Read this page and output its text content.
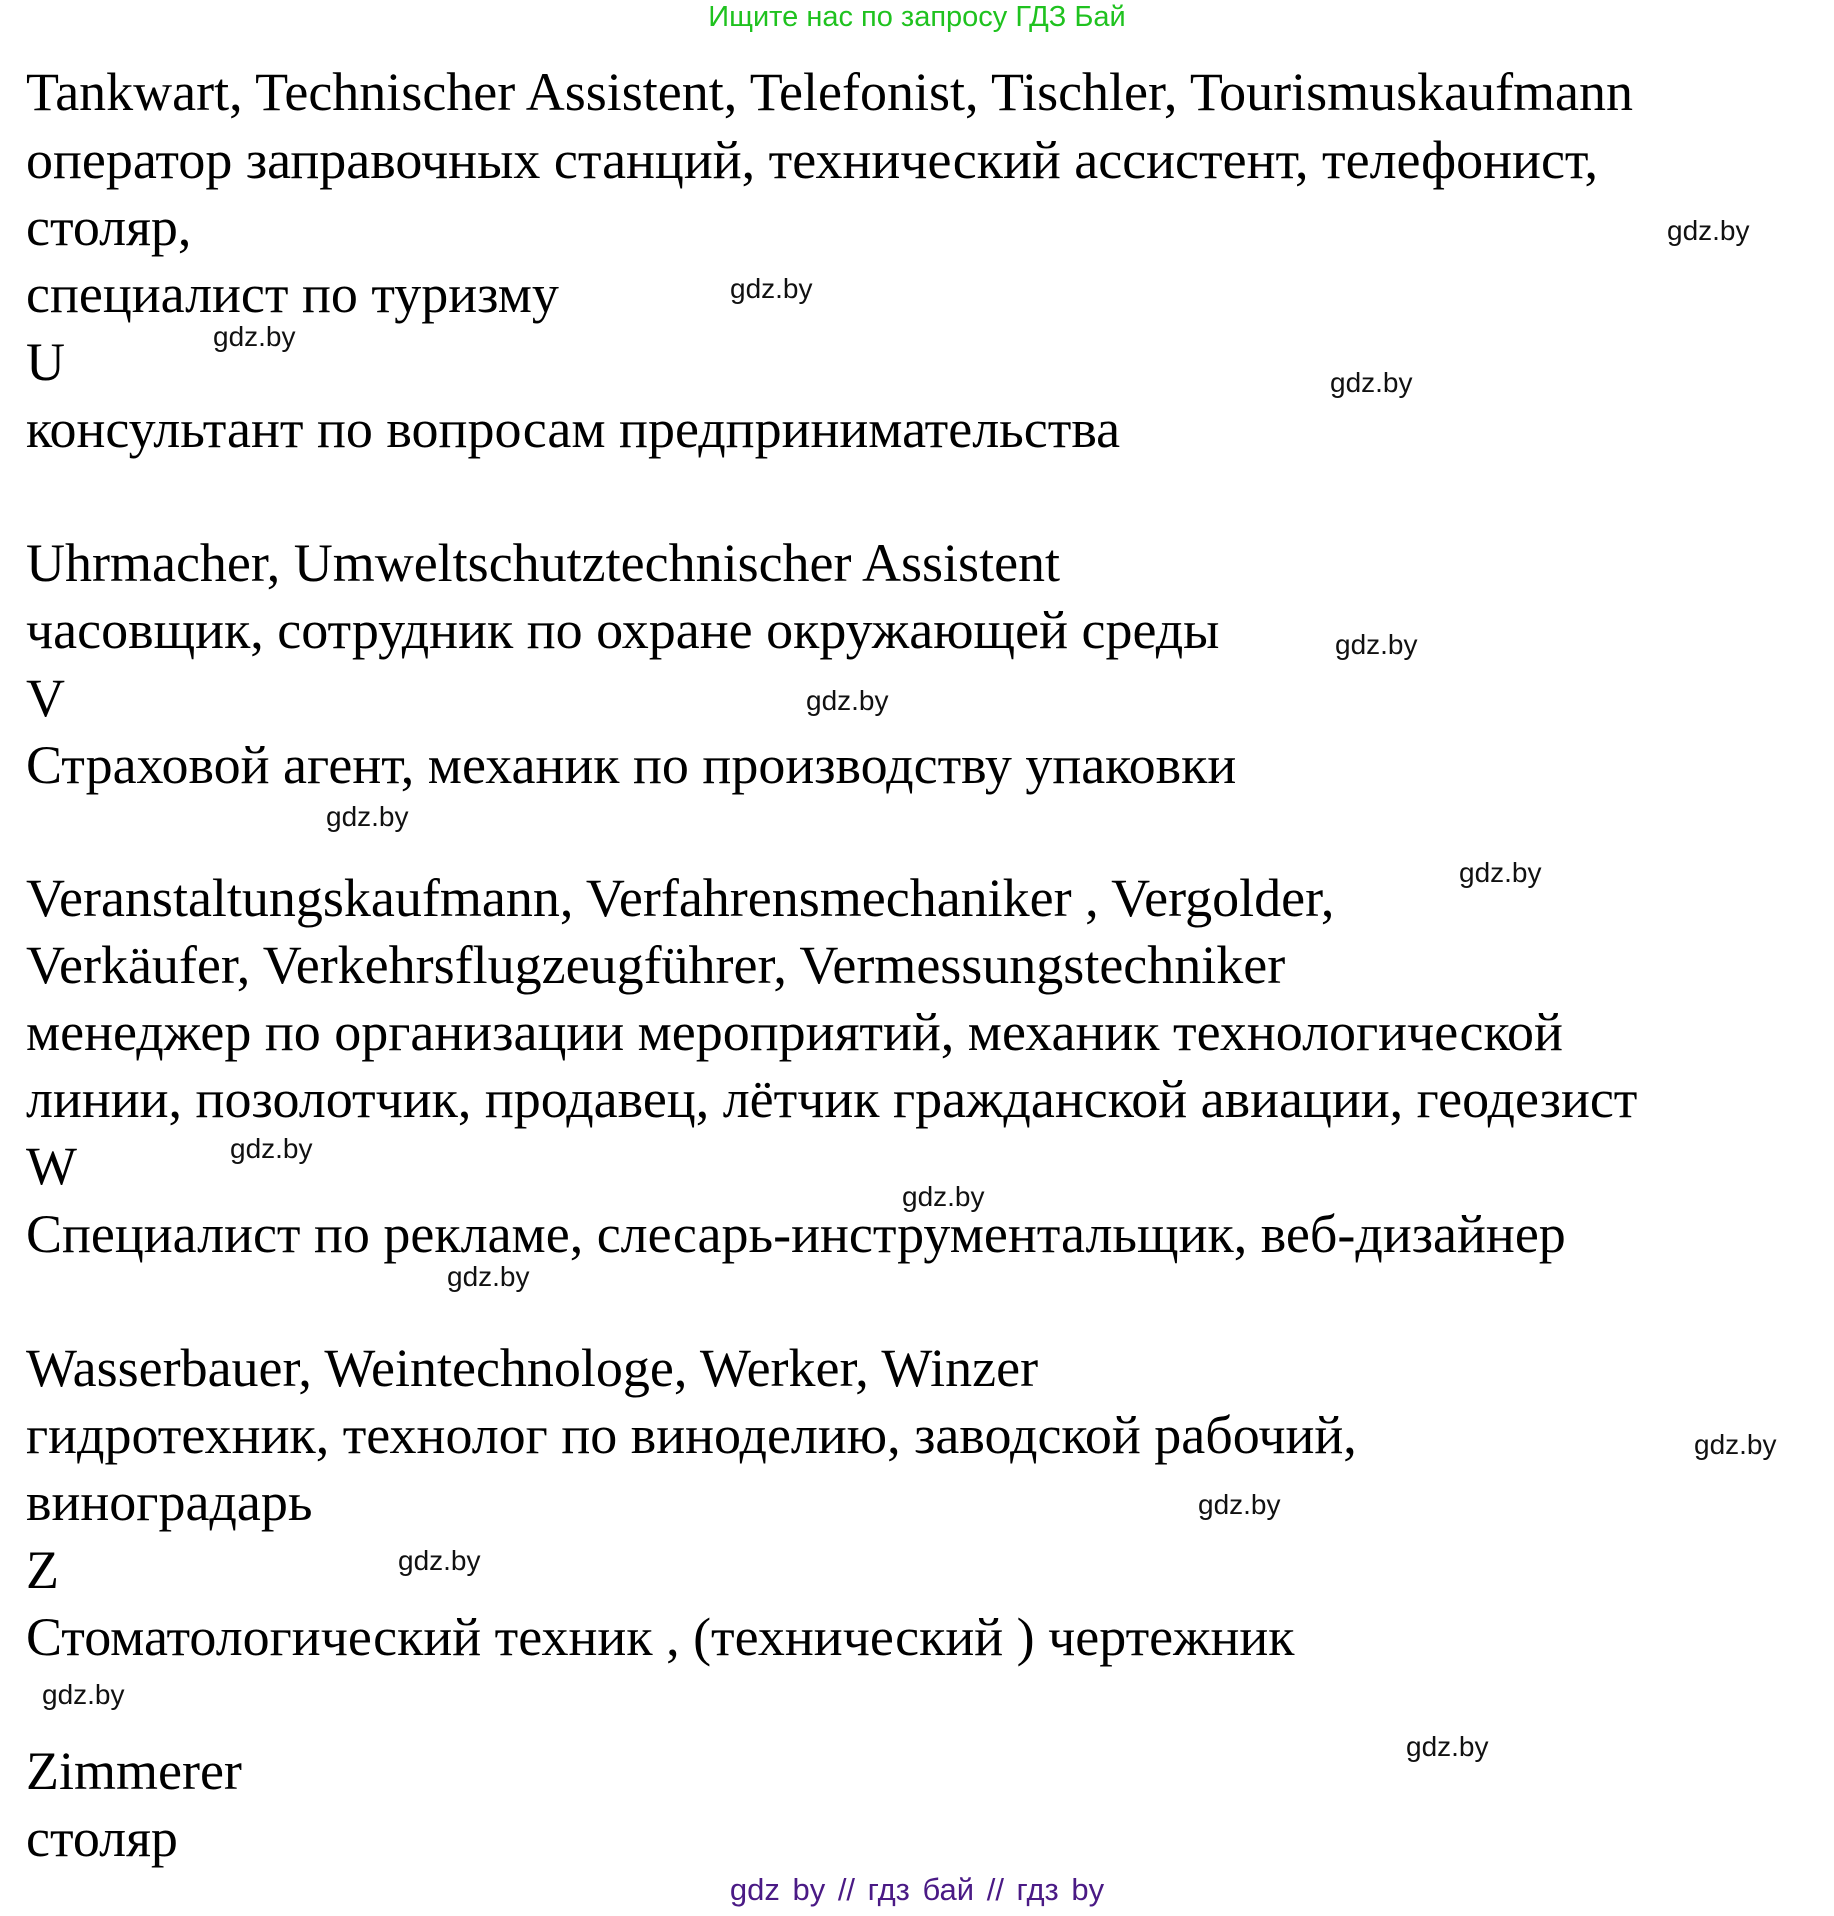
Ищите нас по запросу ГДЗ Бай
Tankwart, Technischer Assistent, Telefonist, Tischler, Tourismuskaufmann
оператор заправочных станций, технический ассистент, телефонист,
столяр,
специалист по туризму
U
консультант по вопросам предпринимательства
Uhrmacher, Umweltschutztechnischer Assistent
часовщик, сотрудник по охране окружающей среды
V
Страховой агент, механик по производству упаковки
Veranstaltungskaufmann, Verfahrensmechaniker , Vergolder,
Verkäufer, Verkehrsflugzeugführer, Vermessungstechniker
менеджер по организации мероприятий, механик технологической
линии, позолотчик, продавец, лётчик гражданской авиации, геодезист
W
Специалист по рекламе, слесарь-инструментальщик, веб-дизайнер
Wasserbauer, Weintechnologe, Werker, Winzer
гидротехник, технолог по виноделию, заводской рабочий,
виноградарь
Z
Стоматологический техник , (технический ) чертежник
Zimmerer
столяр
gdz.by
gdz.by
gdz.by
gdz.by
gdz.by
gdz.by
gdz.by
gdz.by
gdz.by
gdz.by
gdz.by
gdz.by
gdz.by
gdz.by
gdz.by
gdz.by
gdz by // гдз бай // гдз by
